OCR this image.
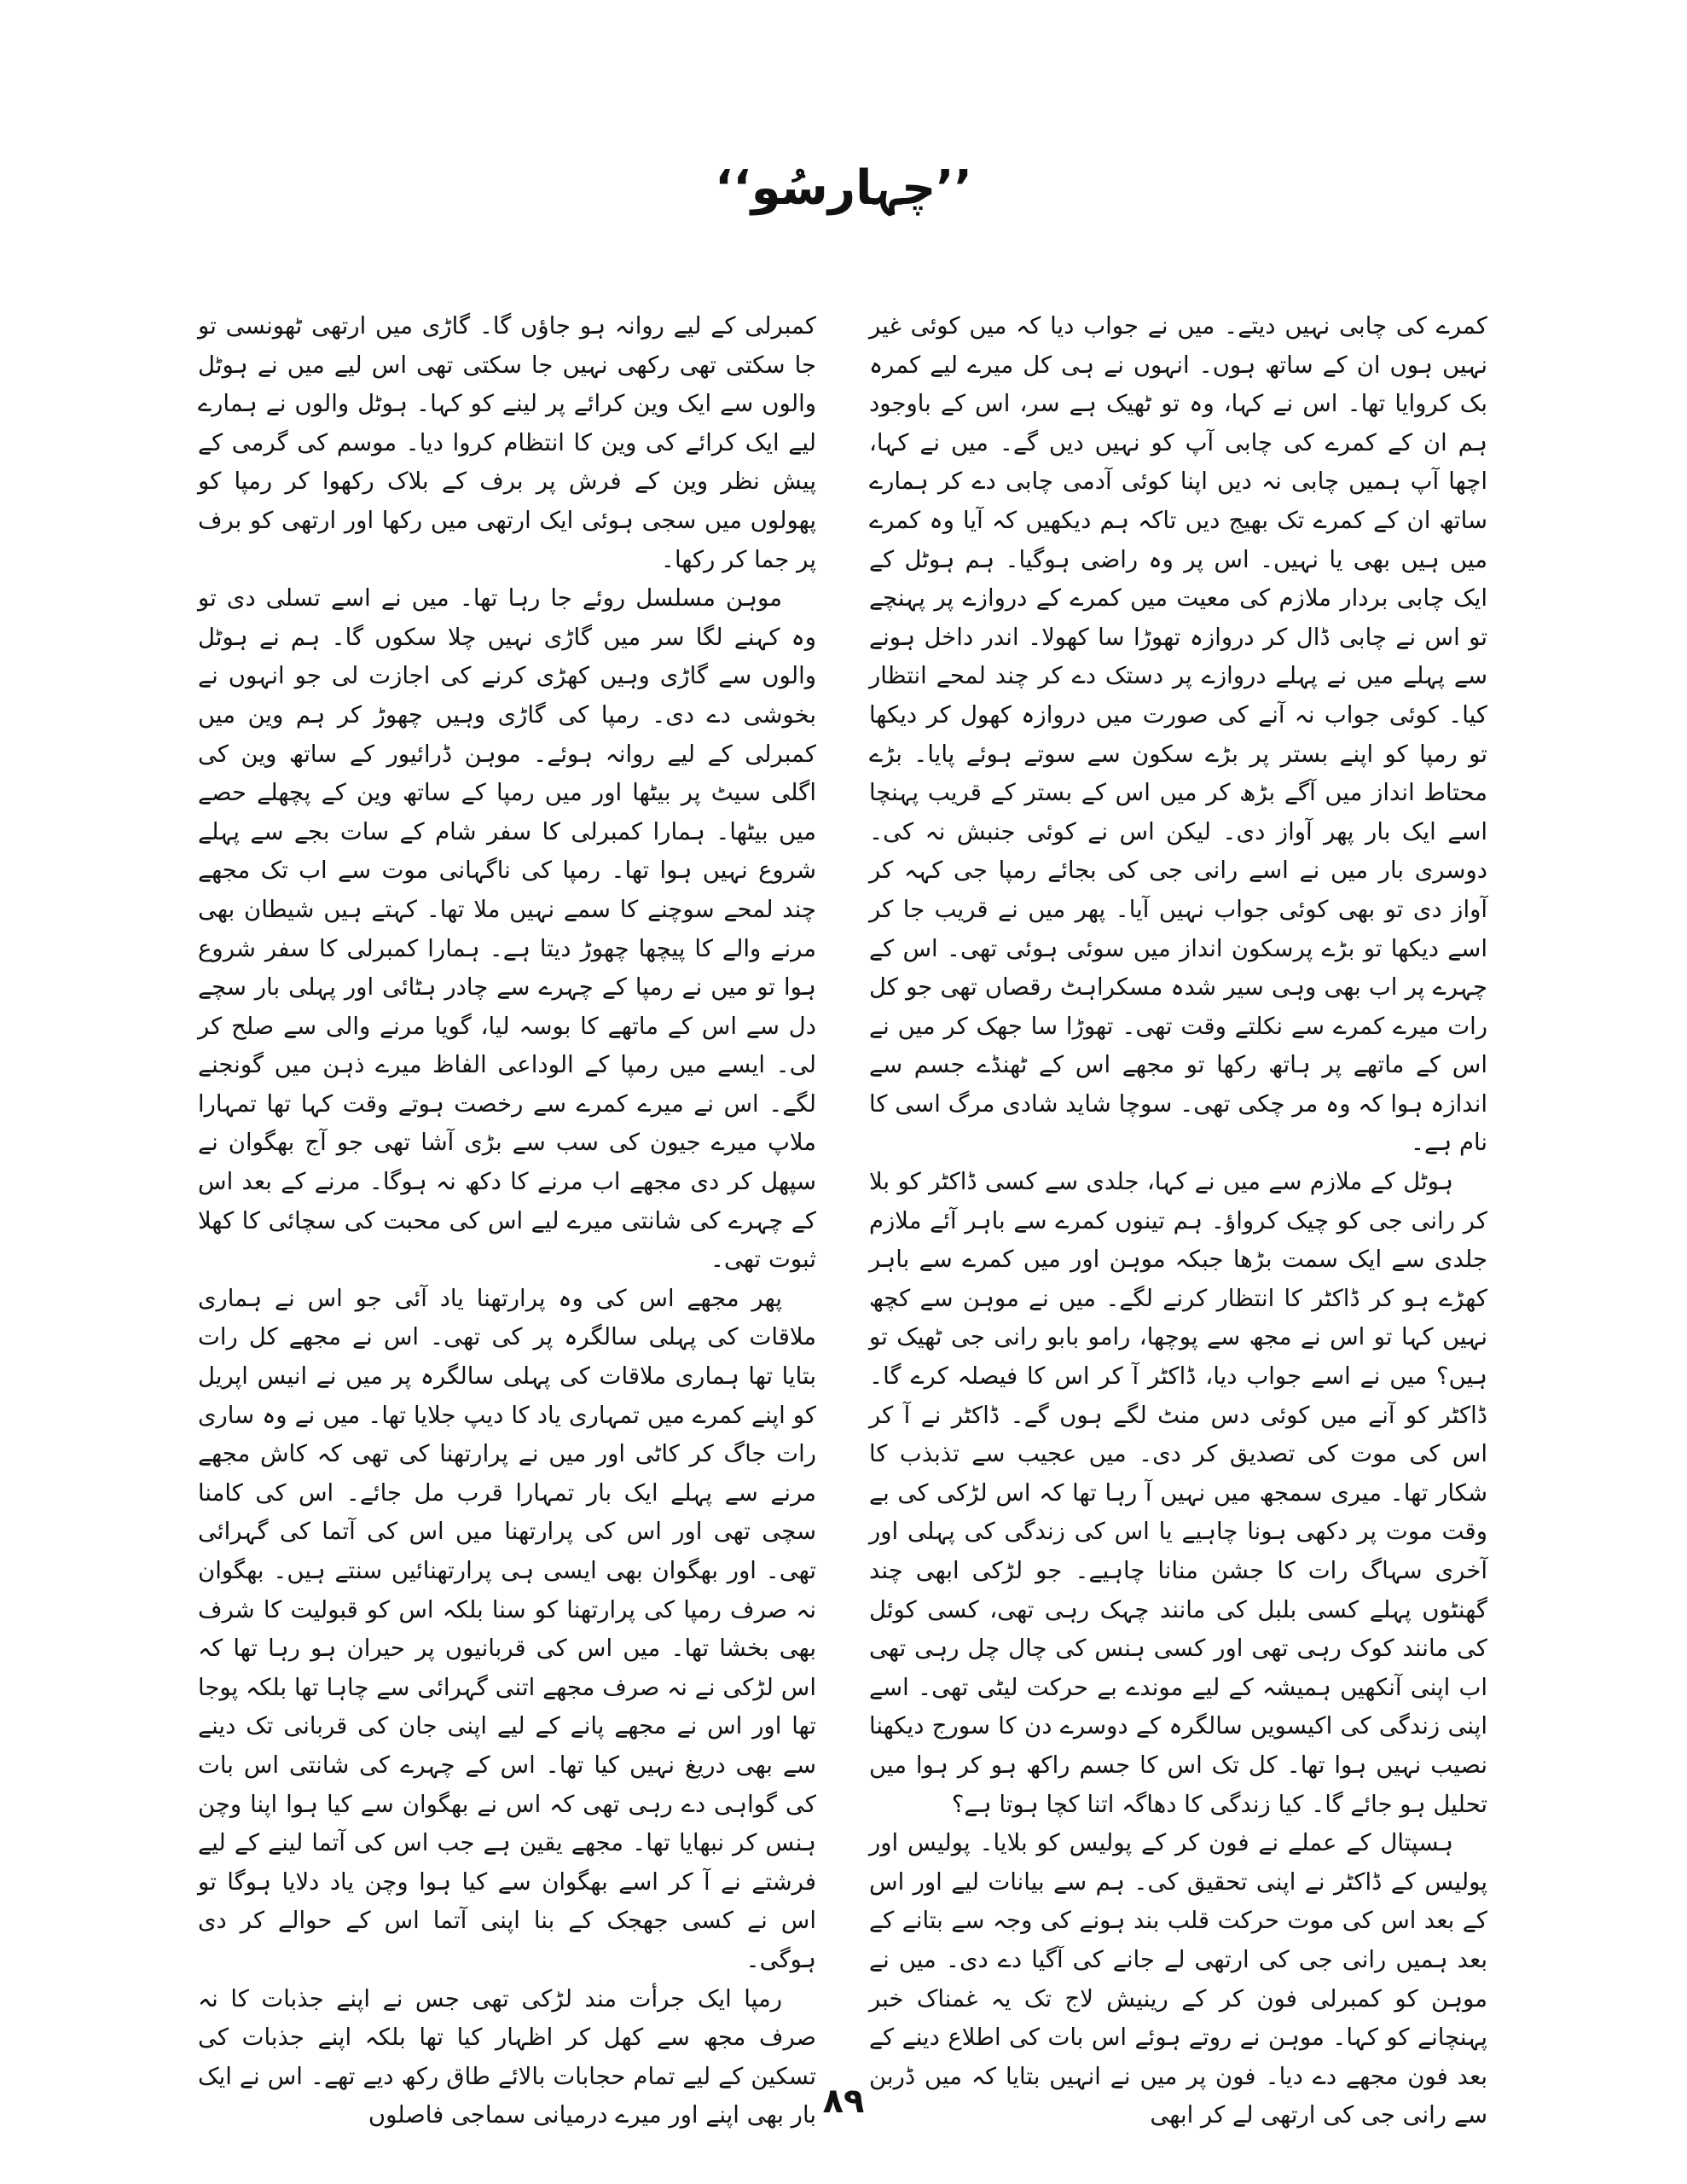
’’چہارسُو‘‘

کمرے کی چابی نہیں دیتے۔ میں نے جواب دیا کہ میں کوئی غیر نہیں ہوں ان کے ساتھ ہوں۔ انہوں نے ہی کل میرے لیے کمرہ بک کروایا تھا۔ اس نے کہا، وہ تو ٹھیک ہے سر، اس کے باوجود ہم ان کے کمرے کی چابی آپ کو نہیں دیں گے۔ میں نے کہا، اچھا آپ ہمیں چابی نہ دیں اپنا کوئی آدمی چابی دے کر ہمارے ساتھ ان کے کمرے تک بھیج دیں تاکہ ہم دیکھیں کہ آیا وہ کمرے میں ہیں بھی یا نہیں۔ اس پر وہ راضی ہوگیا۔ ہم ہوٹل کے ایک چابی بردار ملازم کی معیت میں کمرے کے دروازے پر پہنچے تو اس نے چابی ڈال کر دروازہ تھوڑا سا کھولا۔ اندر داخل ہونے سے پہلے میں نے پہلے دروازے پر دستک دے کر چند لمحے انتظار کیا۔ کوئی جواب نہ آنے کی صورت میں دروازہ کھول کر دیکھا تو رمپا کو اپنے بستر پر بڑے سکون سے سوتے ہوئے پایا۔ بڑے محتاط انداز میں آگے بڑھ کر میں اس کے بستر کے قریب پہنچا اسے ایک بار پھر آواز دی۔ لیکن اس نے کوئی جنبش نہ کی۔ دوسری بار میں نے اسے رانی جی کی بجائے رمپا جی کہہ کر آواز دی تو بھی کوئی جواب نہیں آیا۔ پھر میں نے قریب جا کر اسے دیکھا تو بڑے پرسکون انداز میں سوئی ہوئی تھی۔ اس کے چہرے پر اب بھی وہی سیر شدہ مسکراہٹ رقصاں تھی جو کل رات میرے کمرے سے نکلتے وقت تھی۔ تھوڑا سا جھک کر میں نے اس کے ماتھے پر ہاتھ رکھا تو مجھے اس کے ٹھنڈے جسم سے اندازہ ہوا کہ وہ مر چکی تھی۔ سوچا شاید شادی مرگ اسی کا نام ہے۔

ہوٹل کے ملازم سے میں نے کہا، جلدی سے کسی ڈاکٹر کو بلا کر رانی جی کو چیک کرواؤ۔ ہم تینوں کمرے سے باہر آئے ملازم جلدی سے ایک سمت بڑھا جبکہ موہن اور میں کمرے سے باہر کھڑے ہو کر ڈاکٹر کا انتظار کرنے لگے۔ میں نے موہن سے کچھ نہیں کہا تو اس نے مجھ سے پوچھا، رامو بابو رانی جی ٹھیک تو ہیں؟ میں نے اسے جواب دیا، ڈاکٹر آ کر اس کا فیصلہ کرے گا۔ ڈاکٹر کو آنے میں کوئی دس منٹ لگے ہوں گے۔ ڈاکٹر نے آ کر اس کی موت کی تصدیق کر دی۔ میں عجیب سے تذبذب کا شکار تھا۔ میری سمجھ میں نہیں آ رہا تھا کہ اس لڑکی کی بے وقت موت پر دکھی ہونا چاہیے یا اس کی زندگی کی پہلی اور آخری سہاگ رات کا جشن منانا چاہیے۔ جو لڑکی ابھی چند گھنٹوں پہلے کسی بلبل کی مانند چہک رہی تھی، کسی کوئل کی مانند کوک رہی تھی اور کسی ہنس کی چال چل رہی تھی اب اپنی آنکھیں ہمیشہ کے لیے موندے بے حرکت لیٹی تھی۔ اسے اپنی زندگی کی اکیسویں سالگرہ کے دوسرے دن کا سورج دیکھنا نصیب نہیں ہوا تھا۔ کل تک اس کا جسم راکھ ہو کر ہوا میں تحلیل ہو جائے گا۔ کیا زندگی کا دھاگہ اتنا کچا ہوتا ہے؟

ہسپتال کے عملے نے فون کر کے پولیس کو بلایا۔ پولیس اور پولیس کے ڈاکٹر نے اپنی تحقیق کی۔ ہم سے بیانات لیے اور اس کے بعد اس کی موت حرکت قلب بند ہونے کی وجہ سے بتانے کے بعد ہمیں رانی جی کی ارتھی لے جانے کی آگیا دے دی۔ میں نے موہن کو کمبرلی فون کر کے رینیش لاج تک یہ غمناک خبر پہنچانے کو کہا۔ موہن نے روتے ہوئے اس بات کی اطلاع دینے کے بعد فون مجھے دے دیا۔ فون پر میں نے انہیں بتایا کہ میں ڈربن سے رانی جی کی ارتھی لے کر ابھی

کمبرلی کے لیے روانہ ہو جاؤں گا۔ گاڑی میں ارتھی ٹھونسی تو جا سکتی تھی رکھی نہیں جا سکتی تھی اس لیے میں نے ہوٹل والوں سے ایک وین کرائے پر لینے کو کہا۔ ہوٹل والوں نے ہمارے لیے ایک کرائے کی وین کا انتظام کروا دیا۔ موسم کی گرمی کے پیش نظر وین کے فرش پر برف کے بلاک رکھوا کر رمپا کو پھولوں میں سجی ہوئی ایک ارتھی میں رکھا اور ارتھی کو برف پر جما کر رکھا۔

موہن مسلسل روئے جا رہا تھا۔ میں نے اسے تسلی دی تو وہ کہنے لگا سر میں گاڑی نہیں چلا سکوں گا۔ ہم نے ہوٹل والوں سے گاڑی وہیں کھڑی کرنے کی اجازت لی جو انہوں نے بخوشی دے دی۔ رمپا کی گاڑی وہیں چھوڑ کر ہم وین میں کمبرلی کے لیے روانہ ہوئے۔ موہن ڈرائیور کے ساتھ وین کی اگلی سیٹ پر بیٹھا اور میں رمپا کے ساتھ وین کے پچھلے حصے میں بیٹھا۔ ہمارا کمبرلی کا سفر شام کے سات بجے سے پہلے شروع نہیں ہوا تھا۔ رمپا کی ناگہانی موت سے اب تک مجھے چند لمحے سوچنے کا سمے نہیں ملا تھا۔ کہتے ہیں شیطان بھی مرنے والے کا پیچھا چھوڑ دیتا ہے۔ ہمارا کمبرلی کا سفر شروع ہوا تو میں نے رمپا کے چہرے سے چادر ہٹائی اور پہلی بار سچے دل سے اس کے ماتھے کا بوسہ لیا، گویا مرنے والی سے صلح کر لی۔ ایسے میں رمپا کے الوداعی الفاظ میرے ذہن میں گونجنے لگے۔ اس نے میرے کمرے سے رخصت ہوتے وقت کہا تھا تمہارا ملاپ میرے جیون کی سب سے بڑی آشا تھی جو آج بھگوان نے سپھل کر دی مجھے اب مرنے کا دکھ نہ ہوگا۔ مرنے کے بعد اس کے چہرے کی شانتی میرے لیے اس کی محبت کی سچائی کا کھلا ثبوت تھی۔

پھر مجھے اس کی وہ پرارتھنا یاد آئی جو اس نے ہماری ملاقات کی پہلی سالگرہ پر کی تھی۔ اس نے مجھے کل رات بتایا تھا ہماری ملاقات کی پہلی سالگرہ پر میں نے انیس اپریل کو اپنے کمرے میں تمہاری یاد کا دیپ جلایا تھا۔ میں نے وہ ساری رات جاگ کر کاٹی اور میں نے پرارتھنا کی تھی کہ کاش مجھے مرنے سے پہلے ایک بار تمہارا قرب مل جائے۔ اس کی کامنا سچی تھی اور اس کی پرارتھنا میں اس کی آتما کی گہرائی تھی۔ اور بھگوان بھی ایسی ہی پرارتھنائیں سنتے ہیں۔ بھگوان نہ صرف رمپا کی پرارتھنا کو سنا بلکہ اس کو قبولیت کا شرف بھی بخشا تھا۔ میں اس کی قربانیوں پر حیران ہو رہا تھا کہ اس لڑکی نے نہ صرف مجھے اتنی گہرائی سے چاہا تھا بلکہ پوجا تھا اور اس نے مجھے پانے کے لیے اپنی جان کی قربانی تک دینے سے بھی دریغ نہیں کیا تھا۔ اس کے چہرے کی شانتی اس بات کی گواہی دے رہی تھی کہ اس نے بھگوان سے کیا ہوا اپنا وچن ہنس کر نبھایا تھا۔ مجھے یقین ہے جب اس کی آتما لینے کے لیے فرشتے نے آ کر اسے بھگوان سے کیا ہوا وچن یاد دلایا ہوگا تو اس نے کسی جھجک کے بنا اپنی آتما اس کے حوالے کر دی ہوگی۔

رمپا ایک جرأت مند لڑکی تھی جس نے اپنے جذبات کا نہ صرف مجھ سے کھل کر اظہار کیا تھا بلکہ اپنے جذبات کی تسکین کے لیے تمام حجابات بالائے طاق رکھ دیے تھے۔ اس نے ایک بار بھی اپنے اور میرے درمیانی سماجی فاصلوں ۸۹
